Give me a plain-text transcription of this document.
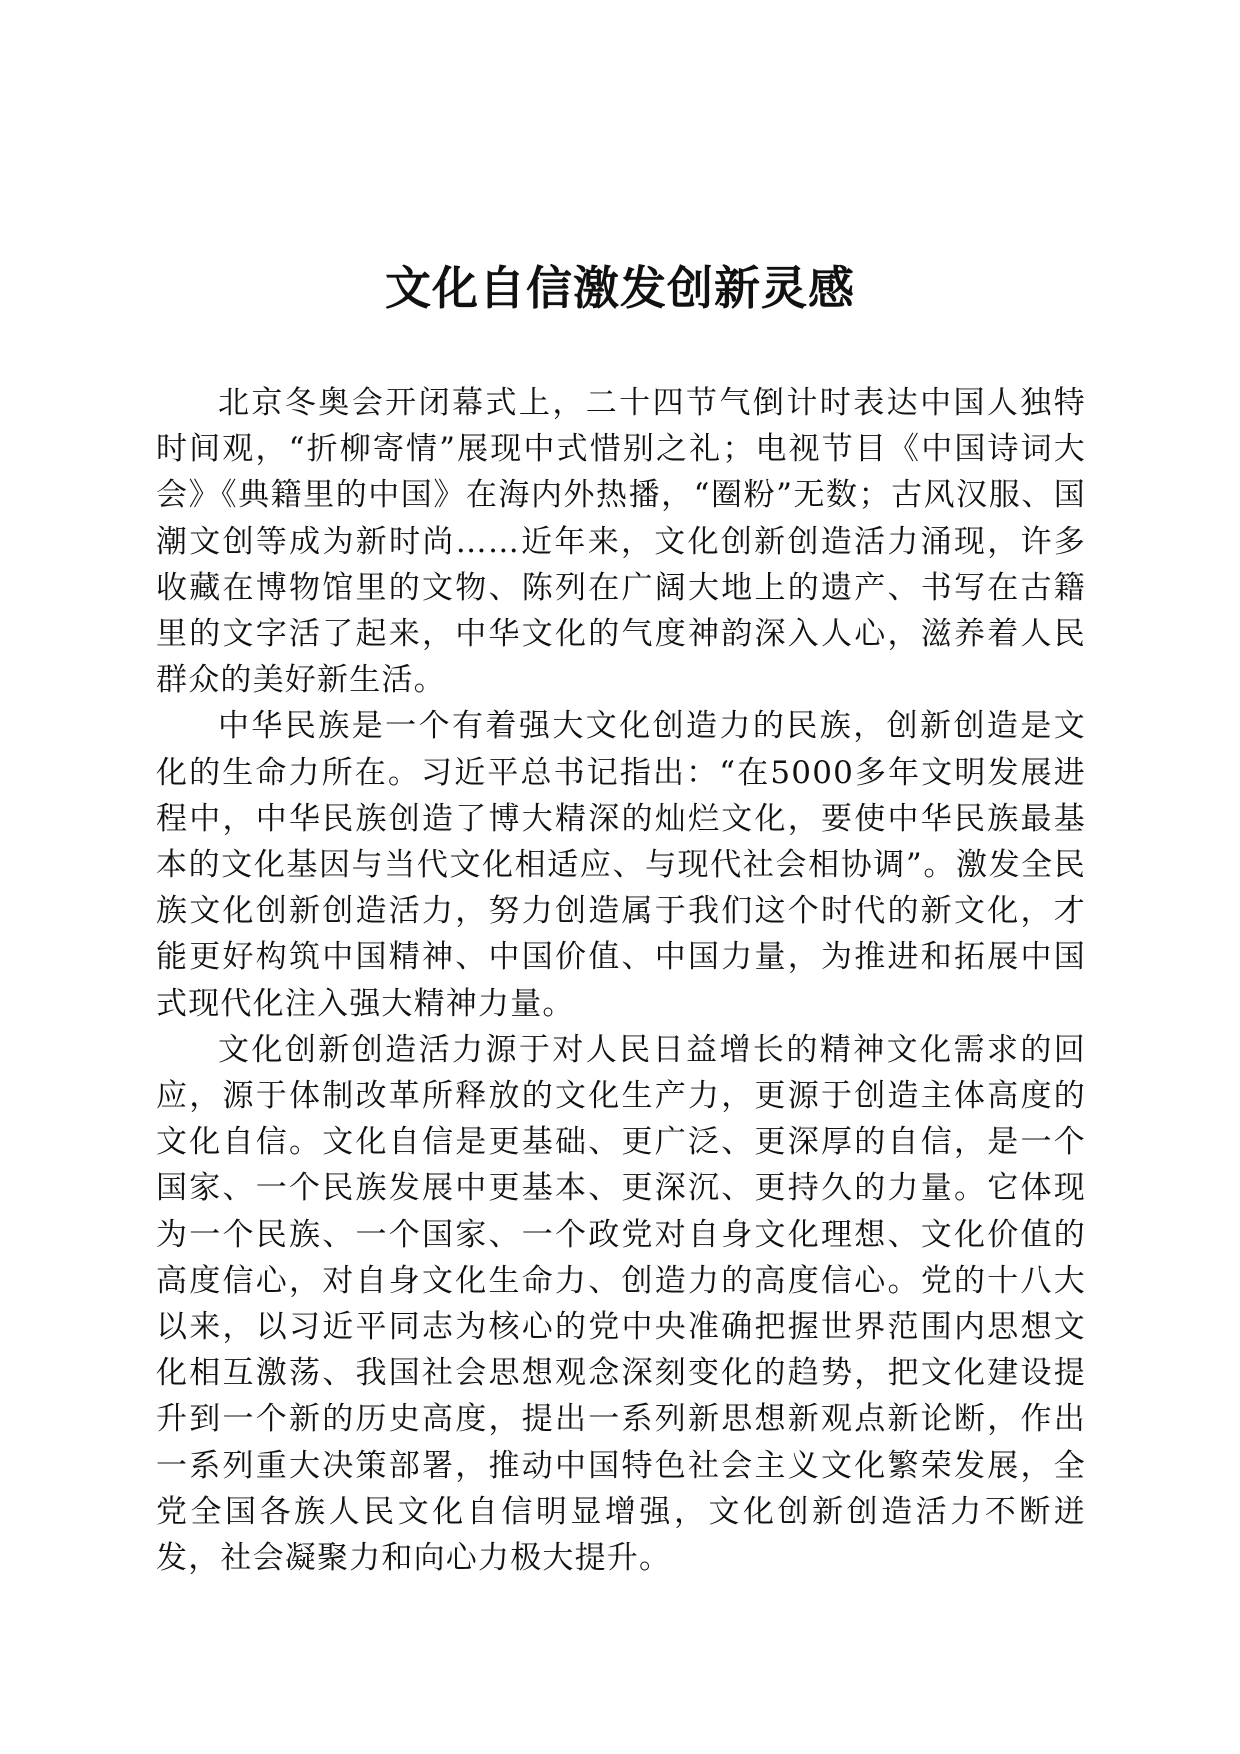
文化自信激发创新灵感

北京冬奥会开闭幕式上，二十四节气倒计时表达中国人独特时间观，“折柳寄情”展现中式惜别之礼；电视节目《中国诗词大会》《典籍里的中国》在海内外热播，“圈粉”无数；古风汉服、国潮文创等成为新时尚……近年来，文化创新创造活力涌现，许多收藏在博物馆里的文物、陈列在广阔大地上的遗产、书写在古籍里的文字活了起来，中华文化的气度神韵深入人心，滋养着人民群众的美好新生活。

中华民族是一个有着强大文化创造力的民族，创新创造是文化的生命力所在。习近平总书记指出：“在5000多年文明发展进程中，中华民族创造了博大精深的灿烂文化，要使中华民族最基本的文化基因与当代文化相适应、与现代社会相协调”。激发全民族文化创新创造活力，努力创造属于我们这个时代的新文化，才能更好构筑中国精神、中国价值、中国力量，为推进和拓展中国式现代化注入强大精神力量。

文化创新创造活力源于对人民日益增长的精神文化需求的回应，源于体制改革所释放的文化生产力，更源于创造主体高度的文化自信。文化自信是更基础、更广泛、更深厚的自信，是一个国家、一个民族发展中更基本、更深沉、更持久的力量。它体现为一个民族、一个国家、一个政党对自身文化理想、文化价值的高度信心，对自身文化生命力、创造力的高度信心。党的十八大以来，以习近平同志为核心的党中央准确把握世界范围内思想文化相互激荡、我国社会思想观念深刻变化的趋势，把文化建设提升到一个新的历史高度，提出一系列新思想新观点新论断，作出一系列重大决策部署，推动中国特色社会主义文化繁荣发展，全党全国各族人民文化自信明显增强，文化创新创造活力不断迸发，社会凝聚力和向心力极大提升。
